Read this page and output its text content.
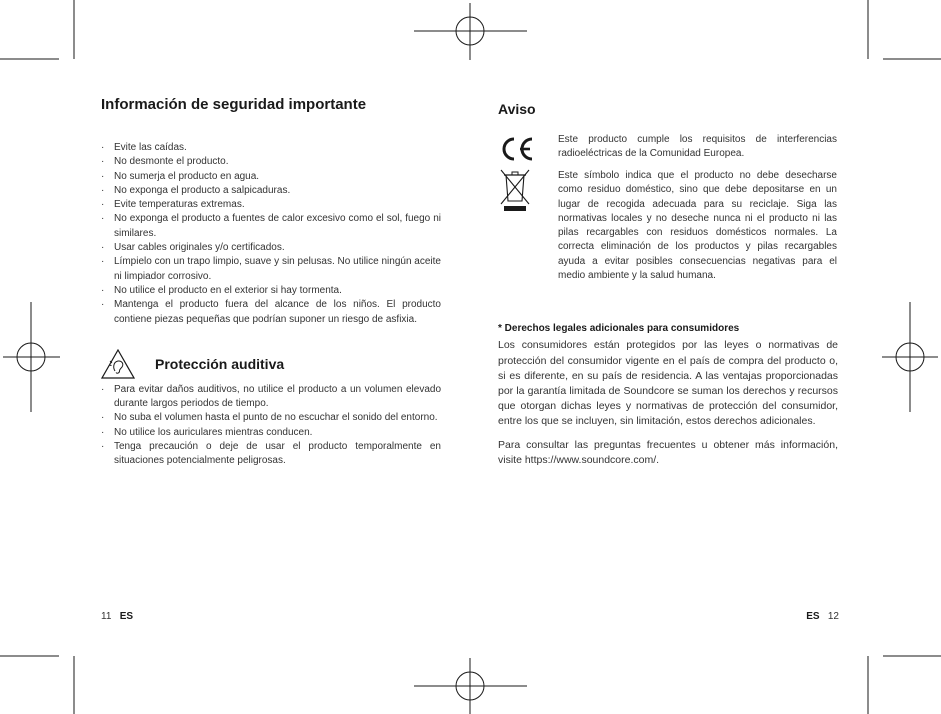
Información de seguridad importante
· Evite las caídas.
· No desmonte el producto.
· No sumerja el producto en agua.
· No exponga el producto a salpicaduras.
· Evite temperaturas extremas.
· No exponga el producto a fuentes de calor excesivo como el sol, fuego ni similares.
· Usar cables originales y/o certificados.
· Límpielo con un trapo limpio, suave y sin pelusas. No utilice ningún aceite ni limpiador corrosivo.
· No utilice el producto en el exterior si hay tormenta.
· Mantenga el producto fuera del alcance de los niños. El producto contiene piezas pequeñas que podrían suponer un riesgo de asfixia.
Protección auditiva
· Para evitar daños auditivos, no utilice el producto a un volumen elevado durante largos periodos de tiempo.
· No suba el volumen hasta el punto de no escuchar el sonido del entorno.
· No utilice los auriculares mientras conducen.
· Tenga precaución o deje de usar el producto temporalmente en situaciones potencialmente peligrosas.
Aviso

Este producto cumple los requisitos de interferencias radioeléctricas de la Comunidad Europea.

Este símbolo indica que el producto no debe desecharse como residuo doméstico, sino que debe depositarse en un lugar de recogida adecuada para su reciclaje. Siga las normativas locales y no deseche nunca ni el producto ni las pilas recargables con residuos domésticos normales. La correcta eliminación de los productos y pilas recargables ayuda a evitar posibles consecuencias negativas para el medio ambiente y la salud humana.

* Derechos legales adicionales para consumidores

Los consumidores están protegidos por las leyes o normativas de protección del consumidor vigente en el país de compra del producto o, si es diferente, en su país de residencia. A las ventajas proporcionadas por la garantía limitada de Soundcore se suman los derechos y recursos que otorgan dichas leyes y normativas de protección del consumidor, entre los que se incluyen, sin limitación, estos derechos adicionales.

Para consultar las preguntas frecuentes u obtener más información, visite https://www.soundcore.com/.

11 ES	ES 12
